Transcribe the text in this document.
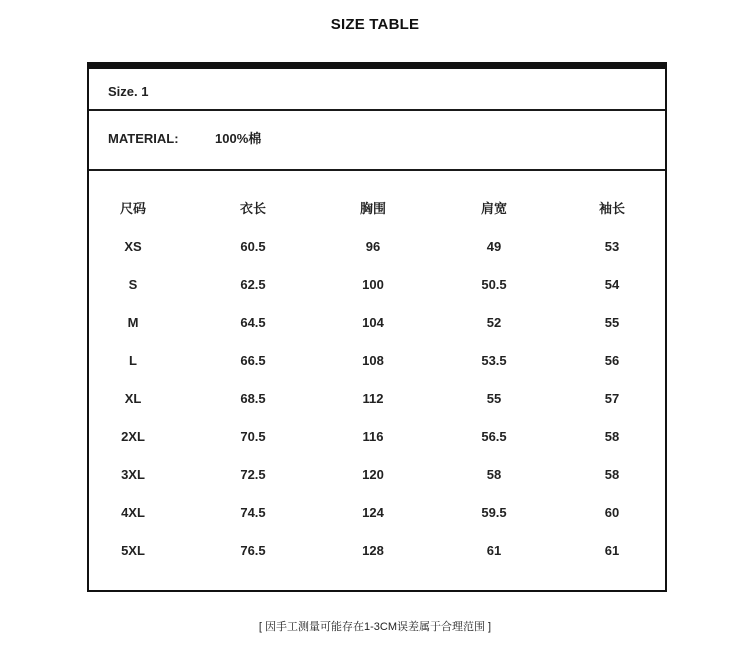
SIZE TABLE
Size. 1
MATERIAL:	100%棉
尺码	衣长	胸围	肩宽	袖长
XS	60.5	96	49	53
S	62.5	100	50.5	54
M	64.5	104	52	55
L	66.5	108	53.5	56
XL	68.5	112	55	57
2XL	70.5	116	56.5	58
3XL	72.5	120	58	58
4XL	74.5	124	59.5	60
5XL	76.5	128	61	61
[ 因手工测量可能存在1-3CM误差属于合理范围 ]
